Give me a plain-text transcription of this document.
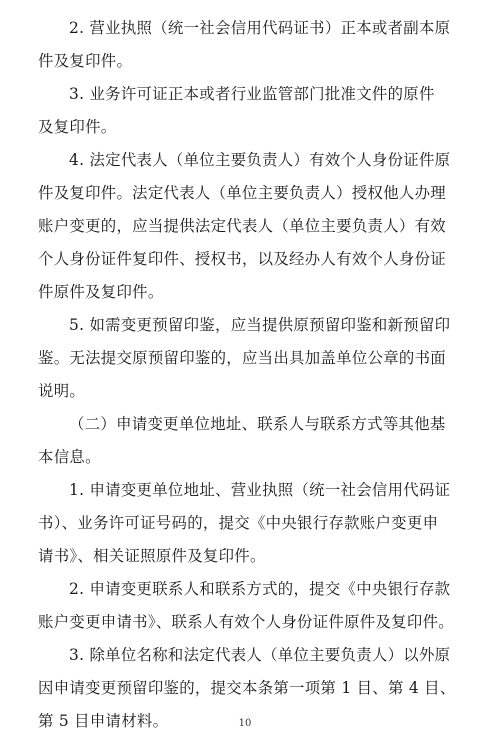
2. 营业执照（统一社会信用代码证书）正本或者副本原
件及复印件。
3. 业务许可证正本或者行业监管部门批准文件的原件
及复印件。
4. 法定代表人（单位主要负责人）有效个人身份证件原
件及复印件。法定代表人（单位主要负责人）授权他人办理
账户变更的，应当提供法定代表人（单位主要负责人）有效
个人身份证件复印件、授权书，以及经办人有效个人身份证
件原件及复印件。
5. 如需变更预留印鉴，应当提供原预留印鉴和新预留印
鉴。无法提交原预留印鉴的，应当出具加盖单位公章的书面
说明。
（二）申请变更单位地址、联系人与联系方式等其他基
本信息。
1. 申请变更单位地址、营业执照（统一社会信用代码证
书）、业务许可证号码的，提交《中央银行存款账户变更申
请书》、相关证照原件及复印件。
2. 申请变更联系人和联系方式的，提交《中央银行存款
账户变更申请书》、联系人有效个人身份证件原件及复印件。
3. 除单位名称和法定代表人（单位主要负责人）以外原
因申请变更预留印鉴的，提交本条第一项第 1 目、第 4 目、
第 5 目申请材料。	10
